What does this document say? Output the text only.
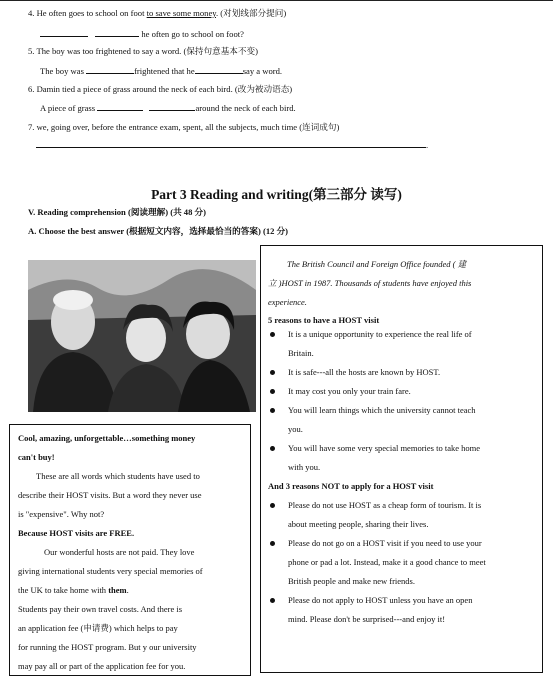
4. He often goes to school on foot to save some money. (对划线部分提问)
he often go to school on foot?
5. The boy was too frightened to say a word. (保持句意基本不变)
The boy was	frightened that he	say a word.
6. Damin tied a piece of grass around the neck of each bird. (改为被动语态)
A piece of grass	around the neck of each bird.
7. we, going over, before the entrance exam, spent, all the subjects, much time (连词成句)
.
Part 3 Reading and writing(第三部分 读写)
V. Reading comprehension (阅读理解) (共 48 分)
A. Choose the best answer (根据短文内容，选择最恰当的答案) (12 分)
Cool, amazing, unforgettable…something money
can't buy!
These are all words which students have used to
describe their HOST visits. But a word they never use
is "expensive". Why not?
Because HOST visits are FREE.
Our wonderful hosts are not paid. They love
giving international students very special memories of
the UK to take home with them.
Students pay their own travel costs. And there is
an application fee (申请费) which helps to pay
for running the HOST program. But y our university
may pay all or part of the application fee for you.
The British Council and Foreign Office founded ( 建
立 )HOST in 1987. Thousands of students have enjoyed this
experience.
5 reasons to have a HOST visit
It is a unique opportunity to experience the real life of
Britain.
It is safe---all the hosts are known by HOST.
It may cost you only your train fare.
You will learn things which the university cannot teach
you.
You will have some very special memories to take home
with you.
And 3 reasons NOT to apply for a HOST visit
Please do not use HOST as a cheap form of tourism. It is
about meeting people, sharing their lives.
Please do not go on a HOST visit if you need to use your
phone or pad a lot. Instead, make it a good chance to meet
British people and make new friends.
Please do not apply to HOST unless you have an open
mind. Please don't be surprised---and enjoy it!
